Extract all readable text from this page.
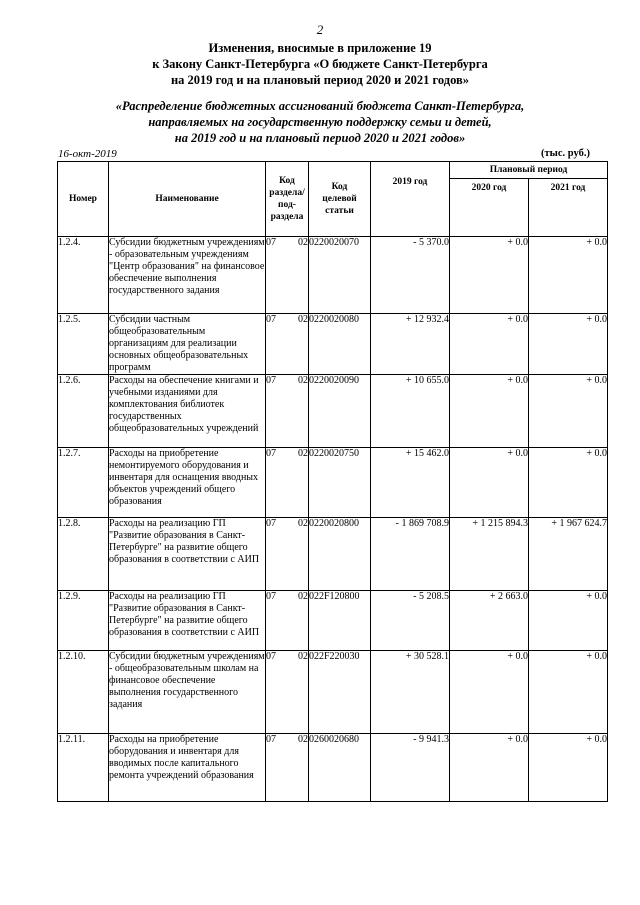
2
Изменения, вносимые в приложение 19
к Закону Санкт-Петербурга «О бюджете Санкт-Петербурга
на 2019 год и на плановый период 2020 и 2021 годов»
«Распределение бюджетных ассигнований бюджета Санкт-Петербурга,
направляемых на государственную поддержку семьи и детей,
на 2019 год и на плановый период 2020 и 2021 годов»
16-окт-2019	(тыс. руб.)
Номер	Наименование	Код
раздела/
под-
раздела	Код
целевой
статьи	2019 год	Плановый период	
					2020 год	2021 год
1.2.4.	Субсидии бюджетным учреждениям - образовательным учреждениям "Центр образования" на финансовое обеспечение выполнения государственного задания	07 02	0220020070	- 5 370.0	+ 0.0	+ 0.0
1.2.5.	Субсидии частным общеобразовательным организациям для реализации основных общеобразовательных программ	07 02	0220020080	+ 12 932.4	+ 0.0	+ 0.0
1.2.6.	Расходы на обеспечение книгами и учебными изданиями для комплектования библиотек государственных общеобразовательных учреждений	07 02	0220020090	+ 10 655.0	+ 0.0	+ 0.0
1.2.7.	Расходы на приобретение немонтируемого оборудования и инвентаря для оснащения вводных объектов учреждений общего образования	07 02	0220020750	+ 15 462.0	+ 0.0	+ 0.0
1.2.8.	Расходы на реализацию ГП "Развитие образования в Санкт-Петербурге" на развитие общего образования в соответствии с АИП	07 02	0220020800	- 1 869 708.9	+ 1 215 894.3	+ 1 967 624.7
1.2.9.	Расходы на реализацию ГП "Развитие образования в Санкт-Петербурге" на развитие общего образования в соответствии с АИП	07 02	022F120800	- 5 208.5	+ 2 663.0	+ 0.0
1.2.10.	Субсидии бюджетным учреждениям - общеобразовательным школам на финансовое обеспечение выполнения государственного задания	07 02	022F220030	+ 30 528.1	+ 0.0	+ 0.0
1.2.11.	Расходы на приобретение оборудования и инвентаря для вводимых после капитального ремонта учреждений образования	07 02	0260020680	- 9 941.3	+ 0.0	+ 0.0
